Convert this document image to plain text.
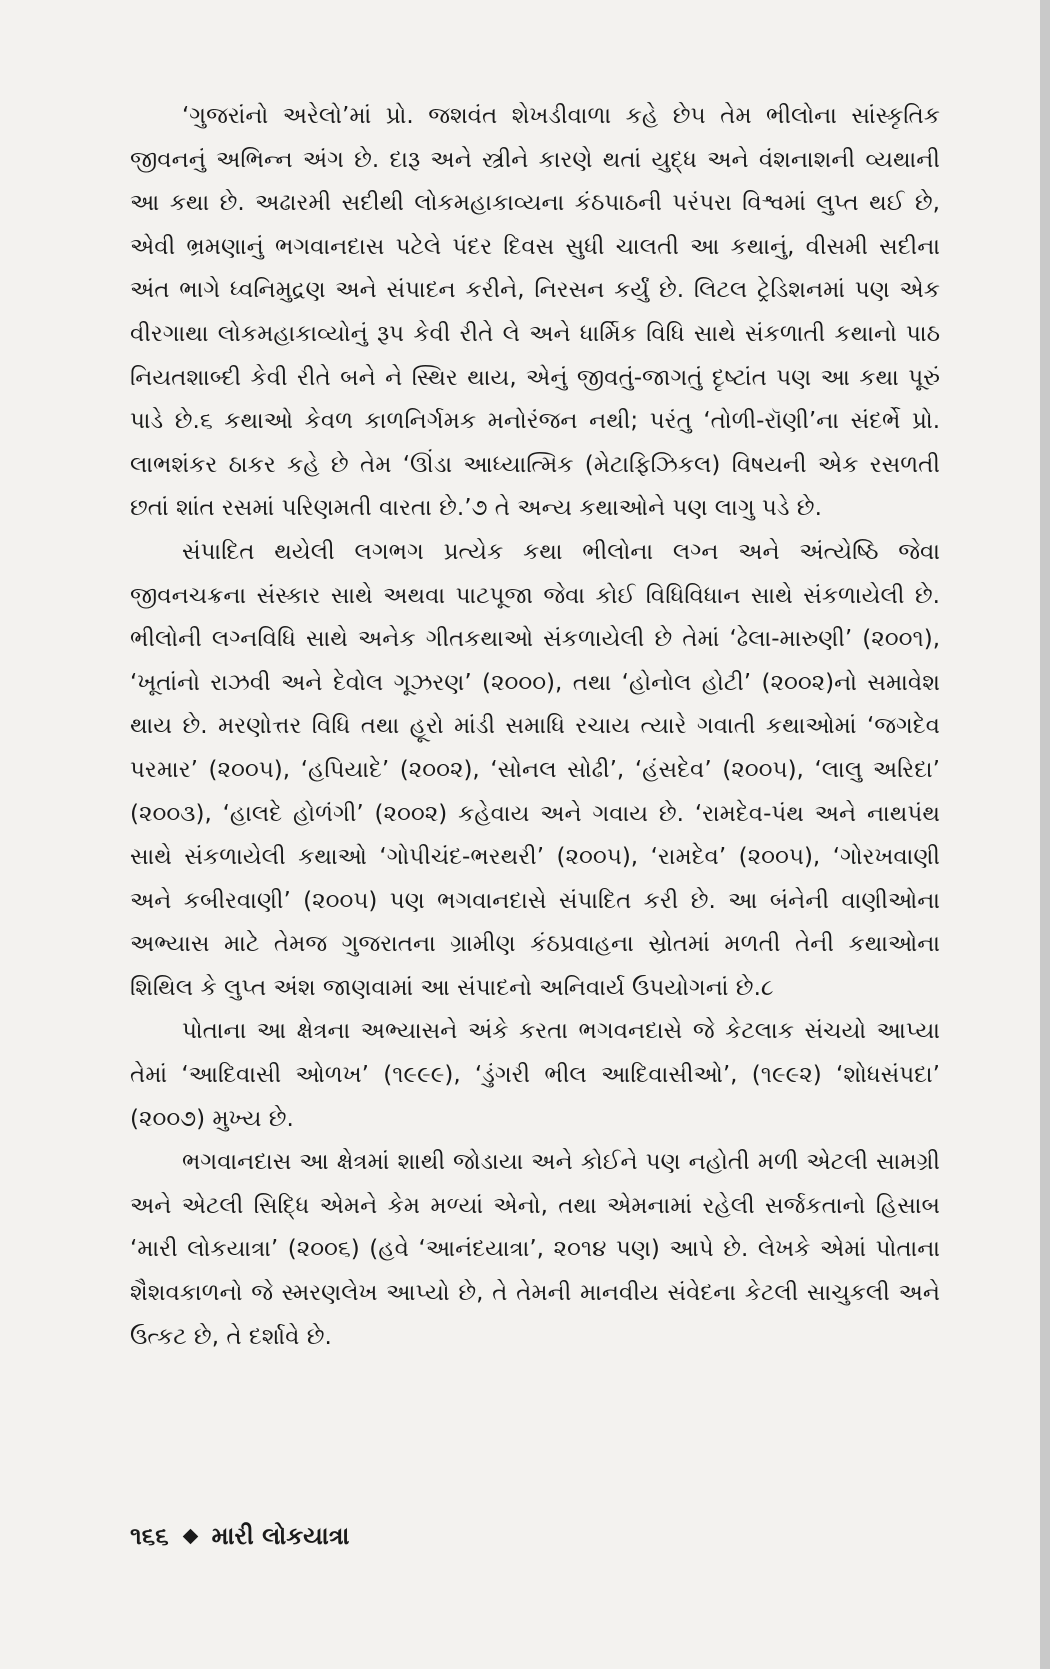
‘ગુજરાંનો અરેલો’માં પ્રો. જશવંત શેખડીવાળા કહે છે૫ તેમ ભીલોના સાંસ્કૃતિક જીવનનું અભિન્ન અંગ છે. દારૂ અને સ્ત્રીને કારણે થતાં યુદ્ધ અને વંશનાશની વ્યથાની આ કથા છે. અઢારમી સદીથી લોકમહાકાવ્યના કંઠપાઠની પરંપરા વિશ્વમાં લુપ્ત થઈ છે, એવી ભ્રમણાનું ભગવાનદાસ પટેલે પંદર દિવસ સુધી ચાલતી આ કથાનું, વીસમી સદીના અંત ભાગે ધ્વનિમુદ્રણ અને સંપાદન કરીને, નિરસન કર્યું છે. લિટલ ટ્રેડિશનમાં પણ એક વીરગાથા લોકમહાકાવ્યોનું રૂપ કેવી રીતે લે અને ધાર્મિક વિધિ સાથે સંકળાતી કથાનો પાઠ નિયતશાબ્દી કેવી રીતે બને ને સ્થિર થાય, એનું જીવતું-જાગતું દૃષ્ટાંત પણ આ કથા પૂરું પાડે છે.૬ કથાઓ કેવળ કાળનિર્ગમક મનોરંજન નથી; પરંતુ ‘તોળી-રૉણી’ના સંદર્ભે પ્રો. લાભશંકર ઠાકર કહે છે તેમ ‘ઊંડા આધ્યાત્મિક (મેટાફિઝિકલ) વિષયની એક રસળતી છતાં શાંત રસમાં પરિણમતી વારતા છે.’૭ તે અન્ય કથાઓને પણ લાગુ પડે છે.

સંપાદિત થયેલી લગભગ પ્રત્યેક કથા ભીલોના લગ્ન અને અંત્યેષ્ઠિ જેવા જીવનચક્રના સંસ્કાર સાથે અથવા પાટપૂજા જેવા કોઈ વિધિવિધાન સાથે સંકળાયેલી છે. ભીલોની લગ્નવિધિ સાથે અનેક ગીતકથાઓ સંકળાયેલી છે તેમાં ‘ઢેલા-મારુણી’ (૨૦૦૧), ‘ખૂતાંનો રાઝવી અને દેવોલ ગૂઝરણ’ (૨૦૦૦), તથા ‘હોનોલ હોટી’ (૨૦૦૨)નો સમાવેશ થાય છે. મરણોત્તર વિધિ તથા હૂરો માંડી સમાધિ રચાય ત્યારે ગવાતી કથાઓમાં ‘જગદેવ પરમાર’ (૨૦૦૫), ‘હપિયાદે’ (૨૦૦૨), ‘સોનલ સોઢી’, ‘હંસદેવ’ (૨૦૦૫), ‘લાલુ અરિદા’ (૨૦૦૩), ‘હાલદે હોળંગી’ (૨૦૦૨) કહેવાય અને ગવાય છે. ‘રામદેવ-પંથ અને નાથપંથ સાથે સંકળાયેલી કથાઓ ‘ગોપીચંદ-ભરથરી’ (૨૦૦૫), ‘રામદેવ’ (૨૦૦૫), ‘ગોરખવાણી અને કબીરવાણી’ (૨૦૦૫) પણ ભગવાનદાસે સંપાદિત કરી છે. આ બંનેની વાણીઓના અભ્યાસ માટે તેમજ ગુજરાતના ગ્રામીણ કંઠપ્રવાહના સ્રોતમાં મળતી તેની કથાઓના શિથિલ કે લુપ્ત અંશ જાણવામાં આ સંપાદનો અનિવાર્ય ઉપયોગનાં છે.૮

પોતાના આ ક્ષેત્રના અભ્યાસને અંકે કરતા ભગવનદાસે જે કેટલાક સંચયો આપ્યા તેમાં ‘આદિવાસી ઓળખ’ (૧૯૯૯), ‘ડુંગરી ભીલ આદિવાસીઓ’, (૧૯૯૨) ‘શોધસંપદા’ (૨૦૦૭) મુખ્ય છે.

ભગવાનદાસ આ ક્ષેત્રમાં શાથી જોડાયા અને કોઈને પણ નહોતી મળી એટલી સામગ્રી અને એટલી સિદ્ધિ એમને કેમ મળ્યાં એનો, તથા એમનામાં રહેલી સર્જકતાનો હિસાબ ‘મારી લોકયાત્રા’ (૨૦૦૬) (હવે ‘આનંદયાત્રા’, ૨૦૧૪ પણ) આપે છે. લેખકે એમાં પોતાના શૈશવકાળનો જે સ્મરણલેખ આપ્યો છે, તે તેમની માનવીય સંવેદના કેટલી સાચુકલી અને ઉત્કટ છે, તે દર્શાવે છે.

૧૬૬ મારી લોકયાત્રા
